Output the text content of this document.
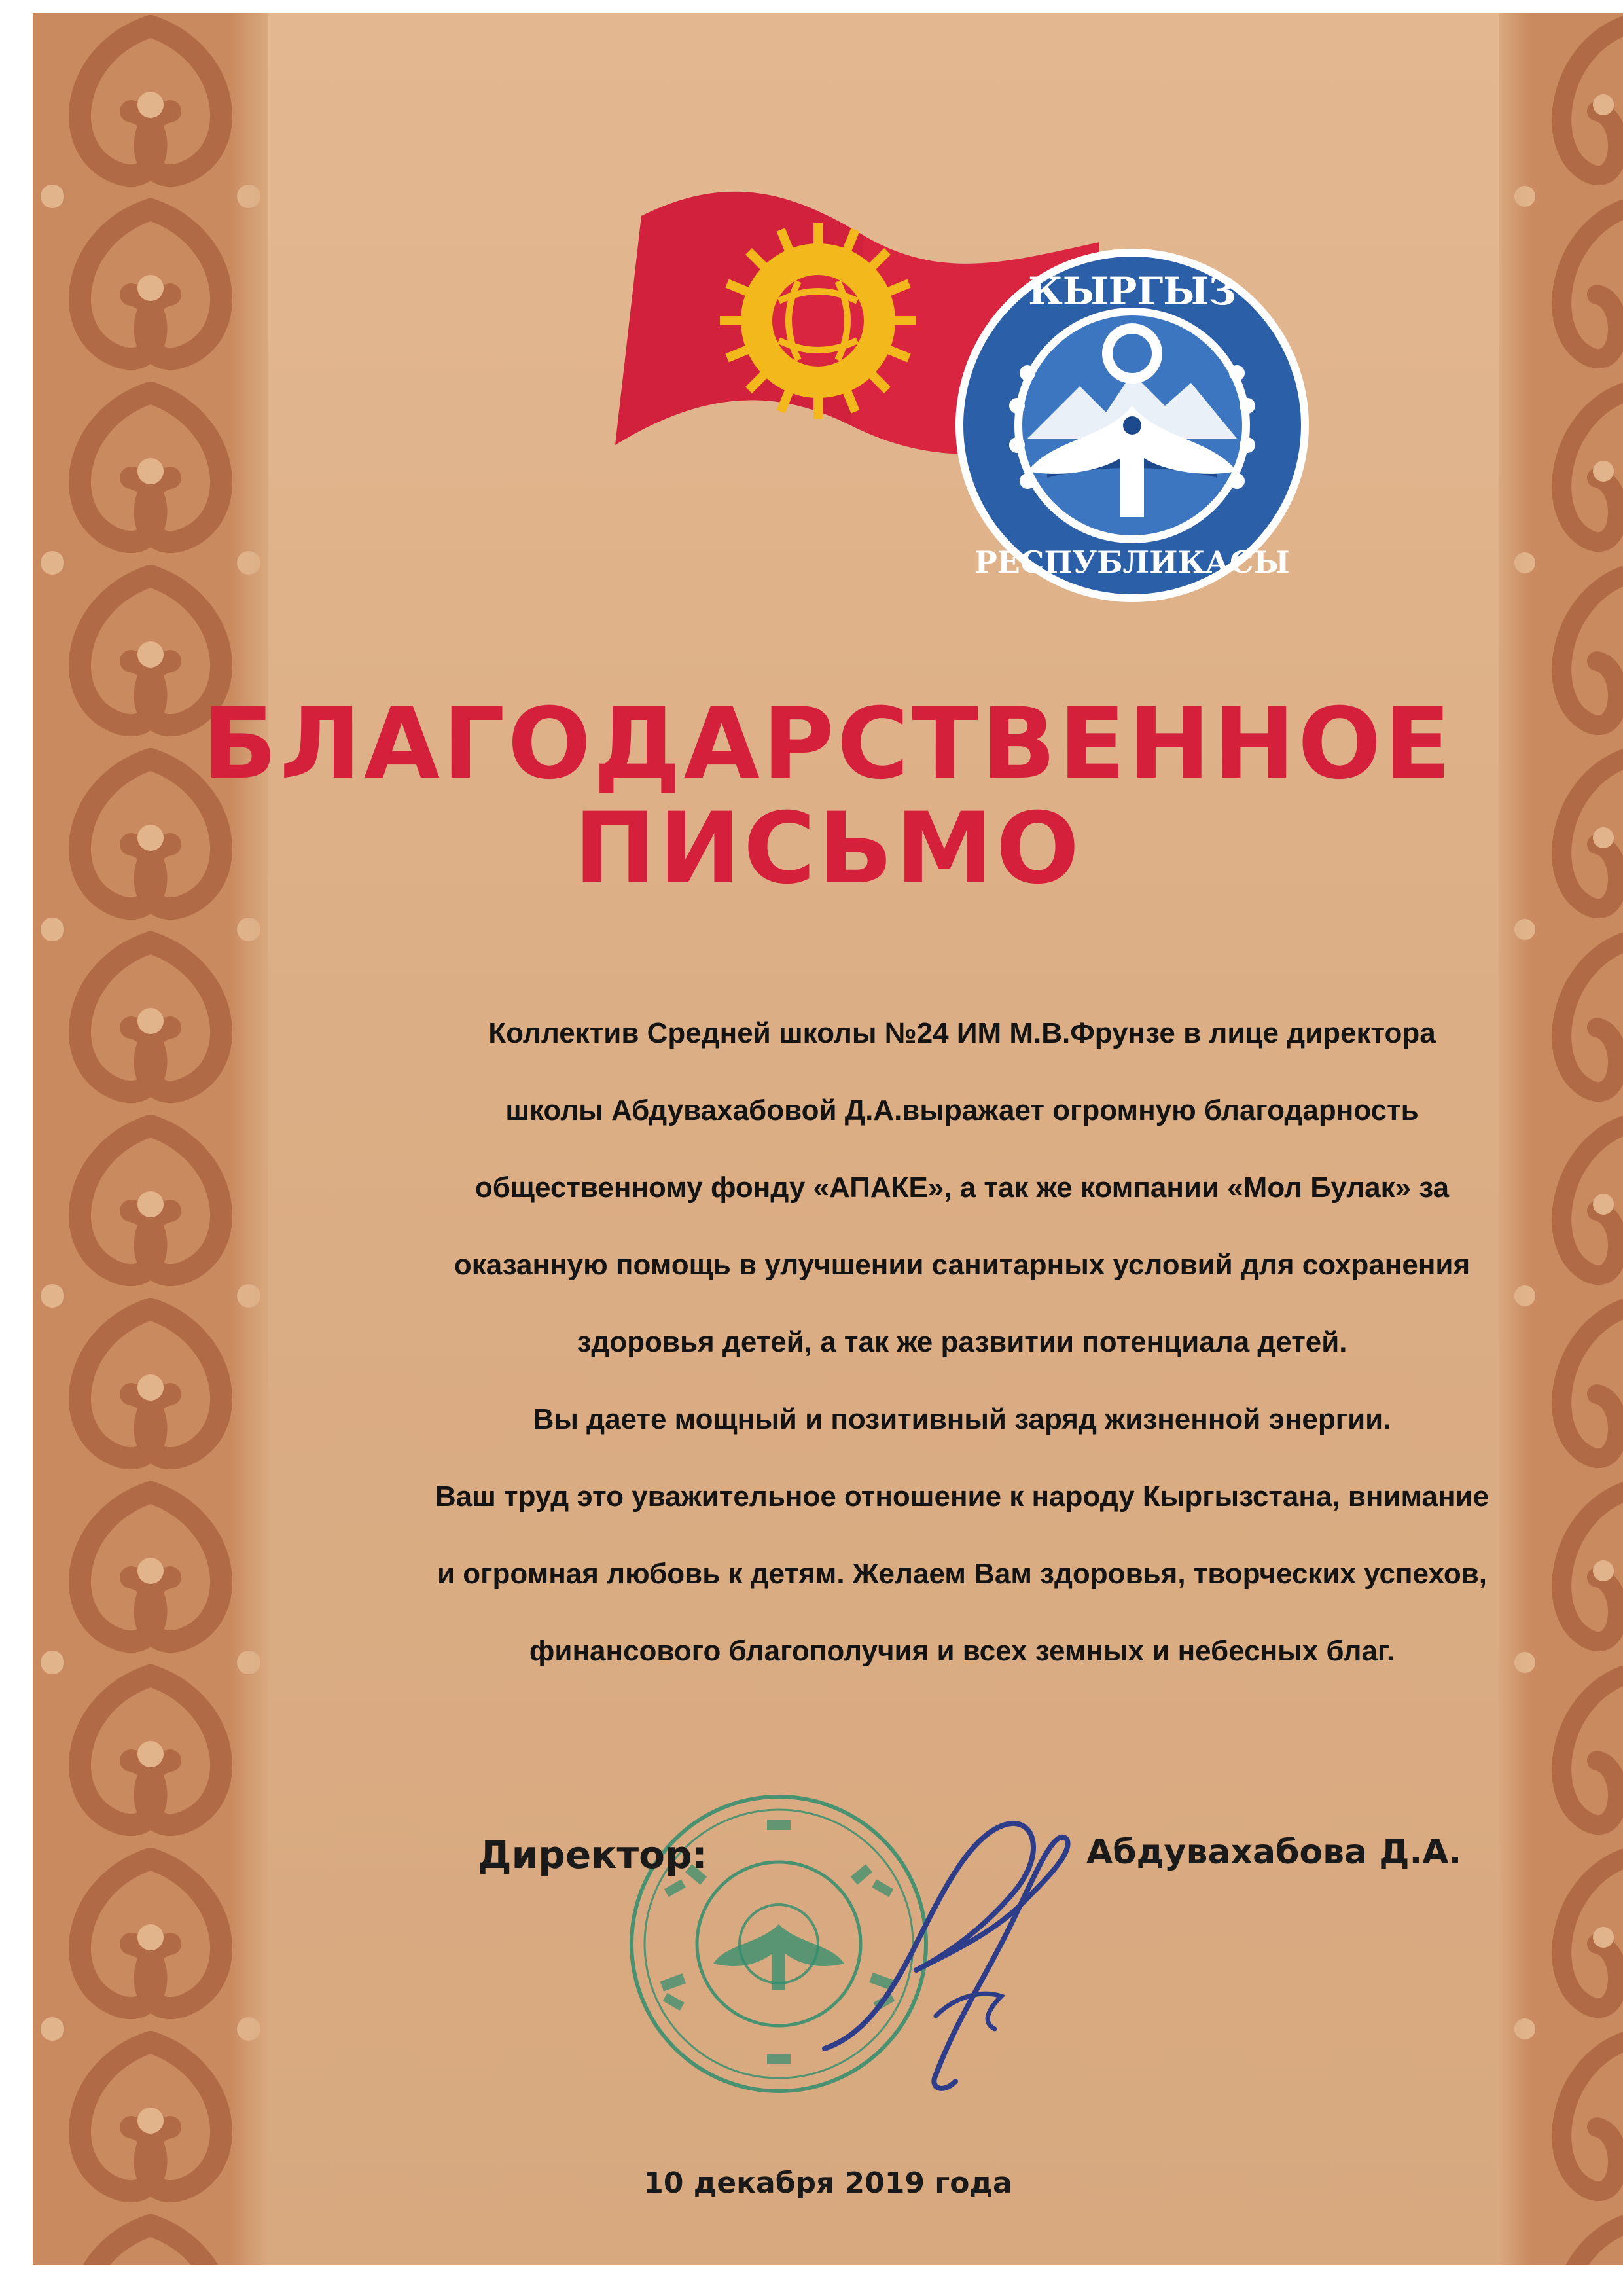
КЫРГЫЗ
РЕСПУБЛИКАСЫ
БЛАГОДАРСТВЕННОЕ
ПИСЬМО

Коллектив Средней школы №24 ИМ М.В.Фрунзе в лице директора

школы Абдувахабовой Д.А.выражает огромную благодарность

общественному фонду «АПАКЕ», а так же компании «Мол Булак» за

оказанную помощь в улучшении санитарных условий для сохранения

здоровья детей, а так же развитии потенциала детей.

Вы даете мощный и позитивный заряд жизненной энергии.

Ваш труд это уважительное отношение к народу Кыргызстана, внимание

и огромная любовь к детям. Желаем Вам здоровья, творческих успехов,

финансового благополучия и всех земных и небесных благ.

Директор:	Абдувахабова Д.А.
10 декабря 2019 года
